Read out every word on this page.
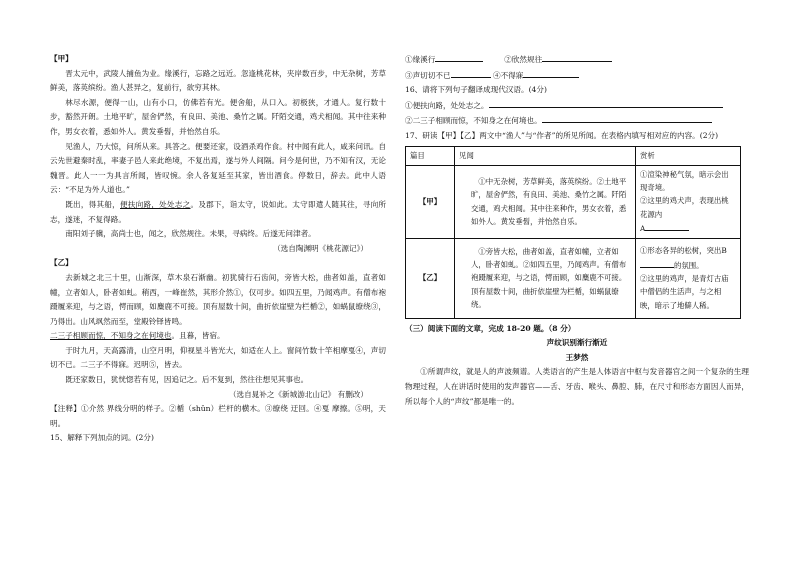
【甲】

晋太元中，武陵人捕鱼为业。缘溪行，忘路之远近。忽逢桃花林，夹岸数百步，中无杂树，芳草鲜美，落英缤纷。渔人甚异之，复前行，欲穷其林。

林尽水源，便得一山，山有小口，仿佛若有光。便舍船，从口入。初极狭，才通人。复行数十步，豁然开朗。土地平旷，屋舍俨然，有良田、美池、桑竹之属。阡陌交通，鸡犬相闻。其中往来种作，男女衣着，悉如外人。黄发垂髫，并怡然自乐。

见渔人，乃大惊，问所从来。具答之。便要还家，设酒杀鸡作食。村中闻有此人，咸来问讯。自云先世避秦时乱，率妻子邑人来此绝境，不复出焉，遂与外人间隔。问今是何世，乃不知有汉，无论魏晋。此人一一为具言所闻，皆叹惋。余人各复延至其家，皆出酒食。停数日，辞去。此中人语云：“不足为外人道也。”

既出，得其船，便扶向路，处处志之。及郡下，诣太守，说如此。太守即遣人随其往，寻向所志，遂迷，不复得路。

南阳刘子骥，高尚士也，闻之，欣然规往。未果，寻病终。后遂无问津者。

（选自陶渊明《桃花源记》）

【乙】

去新城之北三十里，山渐深，草木泉石渐幽。初犹骑行石齿间，旁皆大松，曲者如盖，直者如幢，立者如人，卧者如虬。稍西，一峰崔然，其形介然①，仅可步。如四五里，乃闻鸡声。有僧布袍蹑履来迎，与之语，愕而顾，如麋鹿不可接。顶有屋数十间，曲折依崖壁为栏楯②，如蜗鼠缭绕③，乃得出。山风飒然而至，堂殿铃铎皆鸣。

二三子相顾而惊，不知身之在何境也。且暮，皆宿。

于时九月，天高露清，山空月明，仰视星斗皆光大，如适在人上。窗间竹数十竿相摩戛④，声切切不已。二三子不得寐。迟明⑤，皆去。

既还家数日，犹恍惚若有见，因追记之。后不复到，然往往想见其事也。

（选自晁补之《新城游北山记》 有删改）

【注释】①介然 界线分明的样子。②楯（shǔn）栏杆的横木。③缭绕 迂回。④戛 摩擦。⑤明，天明。

15、解释下列加点的词。(2分)

①缘溪行	②欣然规往

③声切切不已	④不得寐

16、请将下列句子翻译成现代汉语。(4分)

①便扶向路，处处志之。

②二三子相顾而惊，不知身之在何境也。

17、研读【甲】【乙】两文中“渔人”与“作者”的所见所闻。在表格内填写相对应的内容。(2分)

篇目	见闻	赏析
【甲】	①中无杂树，芳草鲜美，落英缤纷。②土地平旷，屋舍俨然，有良田、美池、桑竹之属。阡陌交通，鸡犬相闻。其中往来种作，男女衣着，悉如外人。黄发垂髫，并怡然自乐。	①渲染神秘气氛，暗示会出现奇境。
②这里的鸡犬声，表现出桃花源内
A

【乙】	①旁皆大松，曲者如盖，直者如幢，立者如人，卧者如虬。②如四五里，乃闻鸡声。有僧布袍蹑履来迎，与之语，愕而顾，如麋鹿不可接。顶有屋数十间，曲折依崖壁为栏楯，如蜗鼠缭绕。	①形态各异的松树，突出B的氛围。
②这里的鸡声，是青灯古庙中僧侣的生活声，与之相映，暗示了地僻人稀。

（三）阅读下面的文章，完成 18-20 题。（8 分）

声纹识别渐行渐近

王梦然

①所谓声纹，就是人的声波频谱。人类语言的产生是人体语言中枢与发音器官之间一个复杂的生理物理过程，人在讲话时使用的发声器官——舌、牙齿、喉头、鼻腔、肺，在尺寸和形态方面因人而异，所以每个人的“声纹”都是唯一的。
